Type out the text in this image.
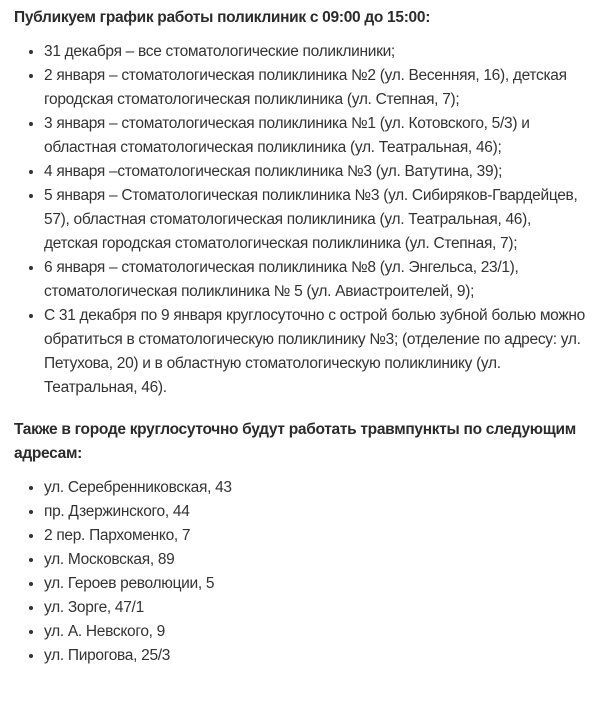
Публикуем график работы поликлиник с 09:00 до 15:00:

• 31 декабря – все стоматологические поликлиники;
• 2 января – стоматологическая поликлиника №2 (ул. Весенняя, 16), детская городская стоматологическая поликлиника (ул. Степная, 7);
• 3 января – стоматологическая поликлиника №1 (ул. Котовского, 5/3) и областная стоматологическая поликлиника (ул. Театральная, 46);
• 4 января –стоматологическая поликлиника №3 (ул. Ватутина, 39);
• 5 января – Стоматологическая поликлиника №3 (ул. Сибиряков-Гвардейцев, 57), областная стоматологическая поликлиника (ул. Театральная, 46), детская городская стоматологическая поликлиника (ул. Степная, 7);
• 6 января – стоматологическая поликлиника №8 (ул. Энгельса, 23/1), стоматологическая поликлиника № 5 (ул. Авиастроителей, 9);
• С 31 декабря по 9 января круглосуточно с острой болью зубной болью можно обратиться в стоматологическую поликлинику №3; (отделение по адресу: ул. Петухова, 20) и в областную стоматологическую поликлинику (ул. Театральная, 46).

Также в городе круглосуточно будут работать травмпункты по следующим адресам:

• ул. Серебренниковская, 43
• пр. Дзержинского, 44
• 2 пер. Пархоменко, 7
• ул. Московская, 89
• ул. Героев революции, 5
• ул. Зорге, 47/1
• ул. А. Невского, 9
• ул. Пирогова, 25/3
